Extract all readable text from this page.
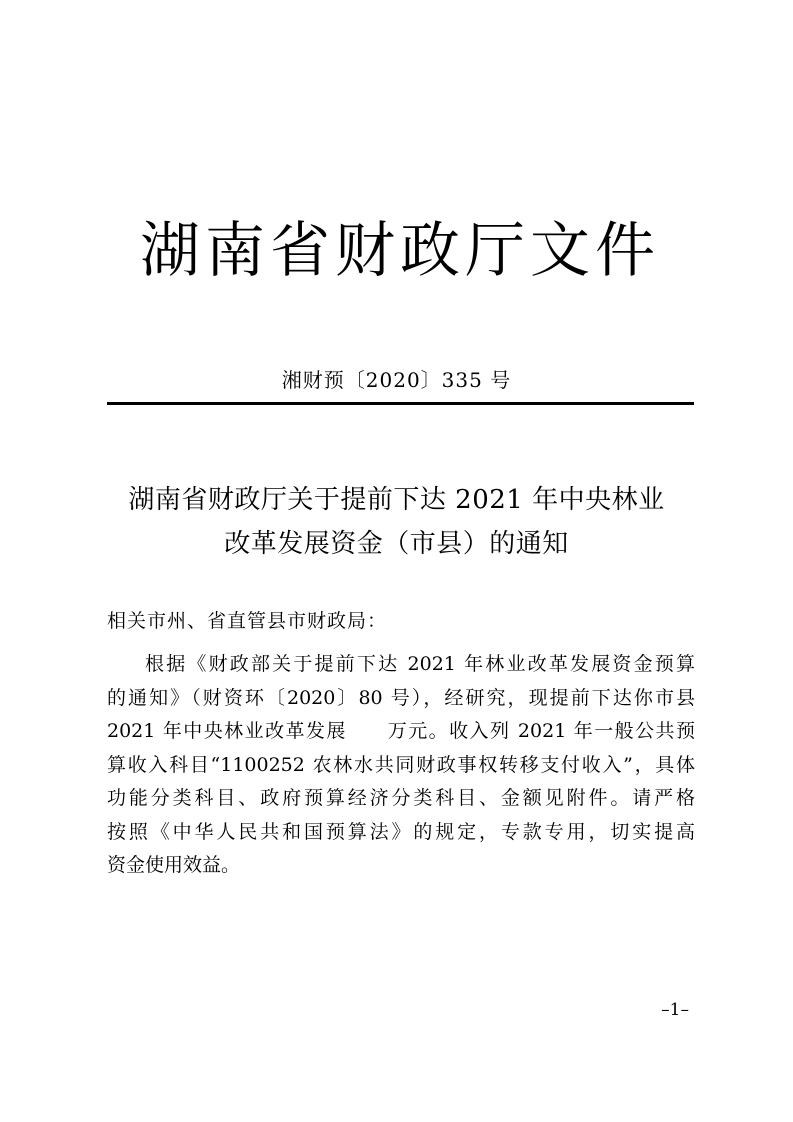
湖南省财政厅文件
湘财预〔2020〕335 号
湖南省财政厅关于提前下达 2021 年中央林业
改革发展资金（市县）的通知
相关市州、省直管县市财政局：
根据《财政部关于提前下达 2021 年林业改革发展资金预算
的通知》（财资环〔2020〕80 号），经研究，现提前下达你市县
2021 年中央林业改革发展　　万元。收入列 2021 年一般公共预
算收入科目“1100252 农林水共同财政事权转移支付收入”，具体
功能分类科目、政府预算经济分类科目、金额见附件。请严格
按照《中华人民共和国预算法》的规定，专款专用，切实提高
资金使用效益。
–1–
